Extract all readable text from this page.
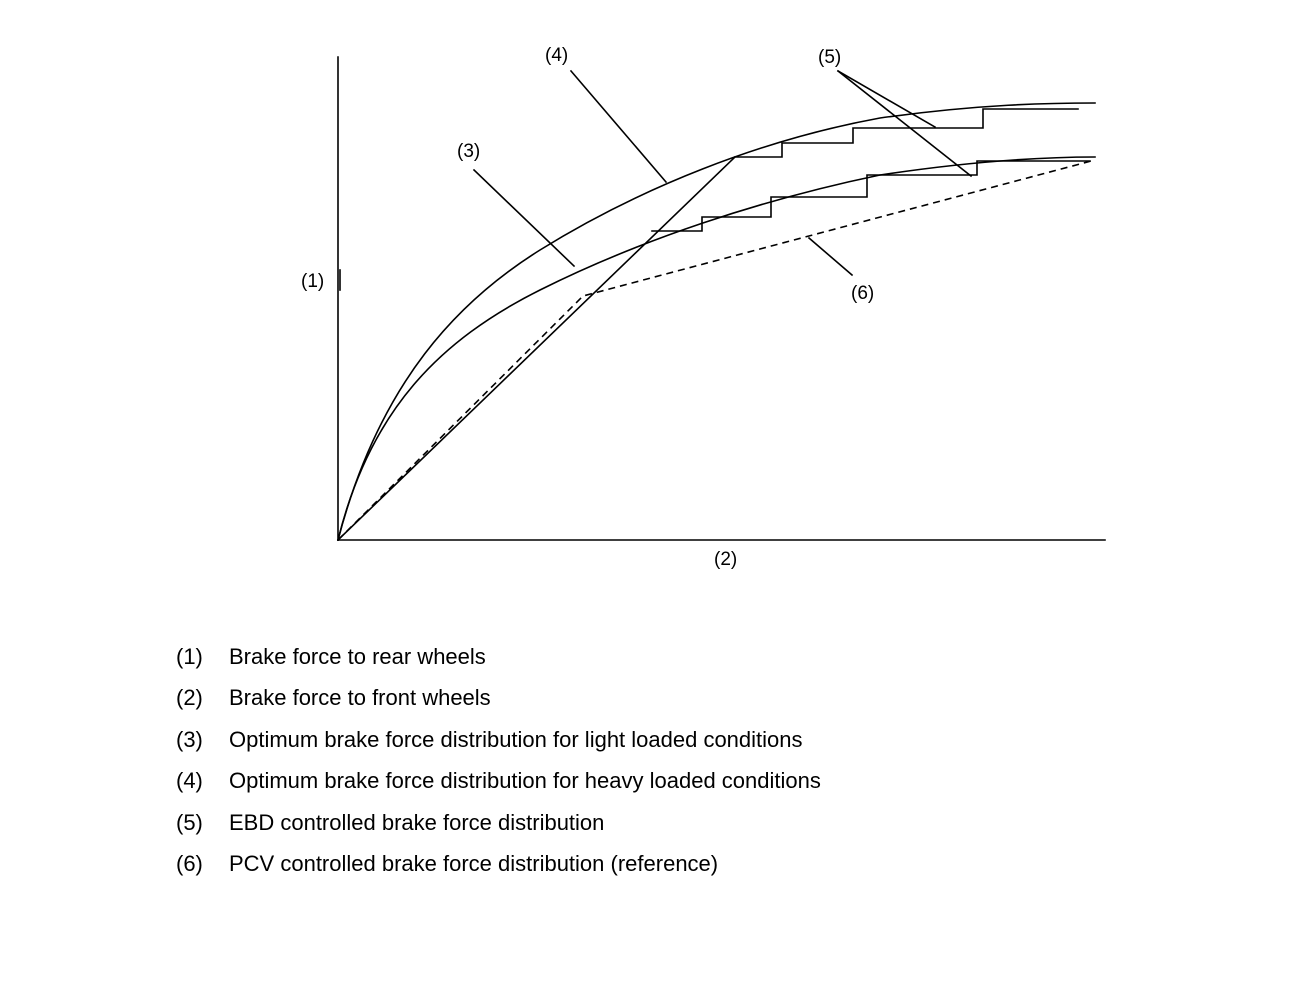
(1)
(2)
(3)
(4)	(5)
(6)
(1)	Brake force to rear wheels
(2)	Brake force to front wheels
(3)	Optimum brake force distribution for light loaded conditions
(4)	Optimum brake force distribution for heavy loaded conditions
(5)	EBD controlled brake force distribution
(6)	PCV controlled brake force distribution (reference)
